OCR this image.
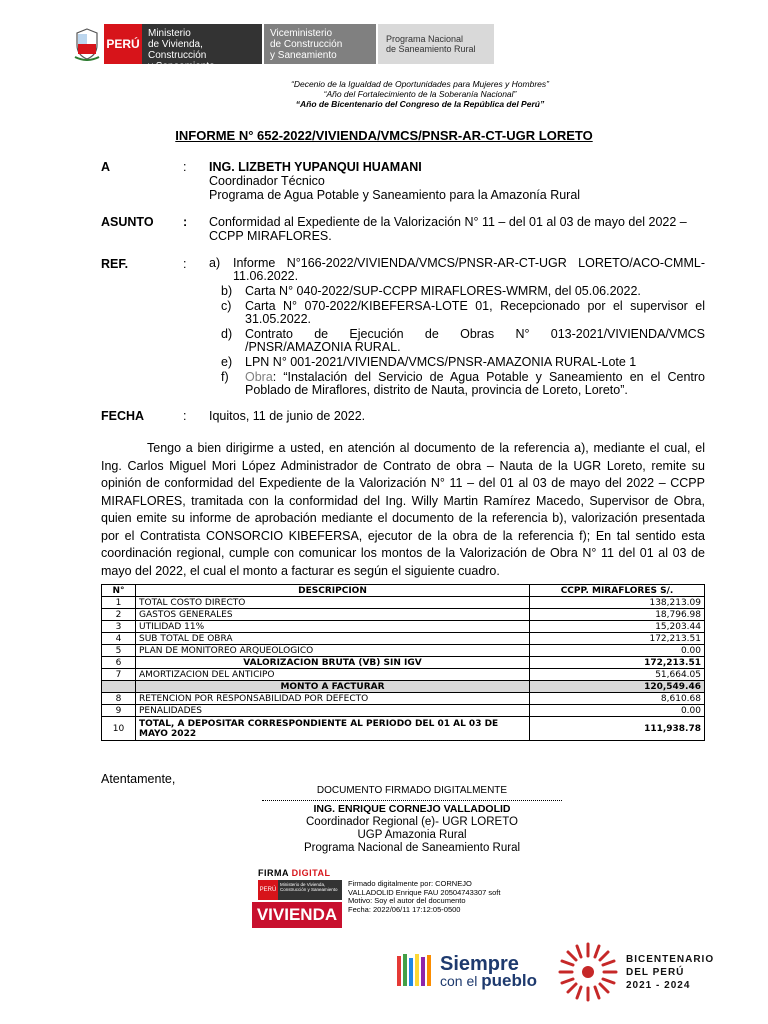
PERÚ
Ministerio
de Vivienda, Construcción
y Saneamiento
Viceministerio
de Construcción
y Saneamiento
Programa Nacional
de Saneamiento Rural
“Decenio de la Igualdad de Oportunidades para Mujeres y Hombres”
“Año del Fortalecimiento de la Soberanía Nacional”
“Año de Bicentenario del Congreso de la República del Perú”
INFORME N° 652-2022/VIVIENDA/VMCS/PNSR-AR-CT-UGR LORETO
A	: ING. LIZBETH YUPANQUI HUAMANI
Coordinador Técnico
Programa de Agua Potable y Saneamiento para la Amazonía Rural
ASUNTO : Conformidad al Expediente de la Valorización N° 11 – del 01 al 03 de mayo del 2022 – CCPP MIRAFLORES.
REF.	: a)	Informe N°166-2022/VIVIENDA/VMCS/PNSR-AR-CT-UGR LORETO/ACO-CMML-11.06.2022.
b)	Carta N° 040-2022/SUP-CCPP MIRAFLORES-WMRM, del 05.06.2022.
c)	Carta N° 070-2022/KIBEFERSA-LOTE 01, Recepcionado por el supervisor el 31.05.2022.
d)	Contrato de Ejecución de Obras N° 013-2021/VIVIENDA/VMCS /PNSR/AMAZONIA RURAL.
e)	LPN N° 001-2021/VIVIENDA/VMCS/PNSR-AMAZONIA RURAL-Lote 1
f)	Obra: “Instalación del Servicio de Agua Potable y Saneamiento en el Centro Poblado de Miraflores, distrito de Nauta, provincia de Loreto, Loreto”.
FECHA	: Iquitos, 11 de junio de 2022.
Tengo a bien dirigirme a usted, en atención al documento de la referencia a), mediante el cual, el Ing. Carlos Miguel Mori López Administrador de Contrato de obra – Nauta de la UGR Loreto, remite su opinión de conformidad del Expediente de la Valorización N° 11 – del 01 al 03 de mayo del 2022 – CCPP MIRAFLORES, tramitada con la conformidad del Ing. Willy Martin Ramírez Macedo, Supervisor de Obra, quien emite su informe de aprobación mediante el documento de la referencia b), valorización presentada por el Contratista CONSORCIO KIBEFERSA, ejecutor de la obra de la referencia f); En tal sentido esta coordinación regional, cumple con comunicar los montos de la Valorización de Obra N° 11 del 01 al 03 de mayo del 2022, el cual el monto a facturar es según el siguiente cuadro.
N°	DESCRIPCION	CCPP. MIRAFLORES S/.
1	TOTAL COSTO DIRECTO	138,213.09
2	GASTOS GENERALES	18,796.98
3	UTILIDAD 11%	15,203.44
4	SUB TOTAL DE OBRA	172,213.51
5	PLAN DE MONITOREO ARQUEOLOGICO	0.00
6	VALORIZACION BRUTA (VB) SIN IGV	172,213.51
7	AMORTIZACION DEL ANTICIPO	51,664.05
	MONTO A FACTURAR	120,549.46
8	RETENCION POR RESPONSABILIDAD POR DEFECTO	8,610.68
9	PENALIDADES	0.00
10	TOTAL, A DEPOSITAR CORRESPONDIENTE AL PERIODO DEL 01 AL 03 DE MAYO 2022	111,938.78
Atentamente,
DOCUMENTO FIRMADO DIGITALMENTE
ING. ENRIQUE CORNEJO VALLADOLID
Coordinador Regional (e)- UGR LORETO
UGP Amazonia Rural
Programa Nacional de Saneamiento Rural
FIRMA DIGITAL
PERÚ
Ministerio de Vivienda, Construcción y Saneamiento
VIVIENDA
Firmado digitalmente por: CORNEJO
VALLADOLID Enrique FAU 20504743307 soft
Motivo: Soy el autor del documento
Fecha: 2022/06/11 17:12:05-0500
Siempre
con el pueblo
BICENTENARIO
DEL PERÚ
2021 - 2024
